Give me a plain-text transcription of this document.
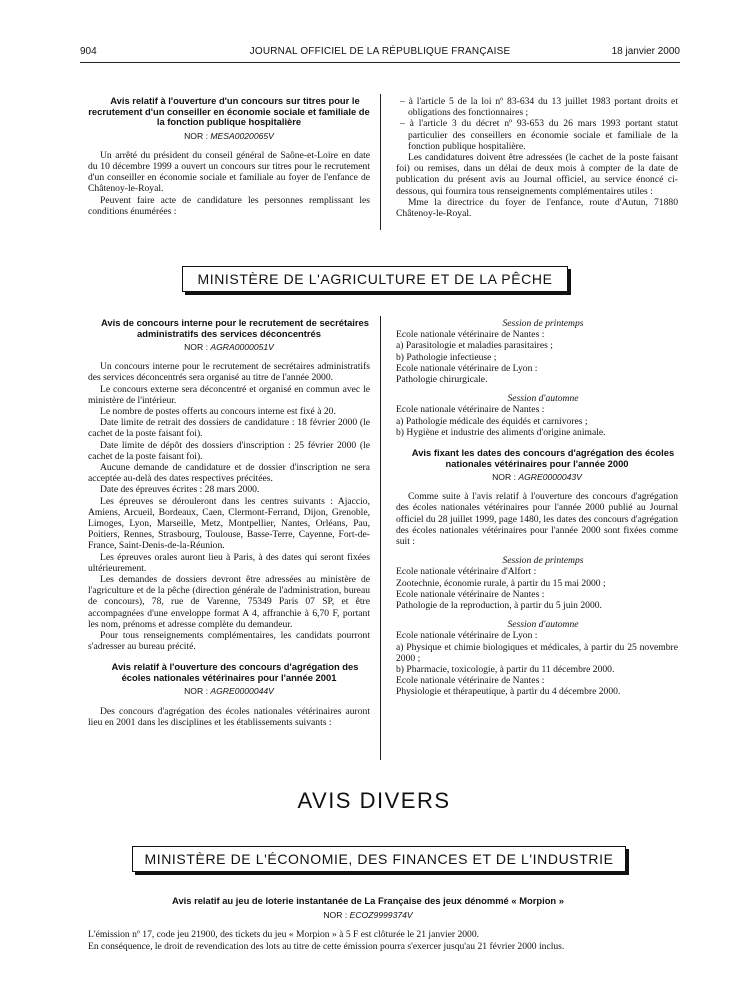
904	JOURNAL OFFICIEL DE LA RÉPUBLIQUE FRANÇAISE	18 janvier 2000

Avis relatif à l'ouverture d'un concours sur titres pour le recrutement d'un conseiller en économie sociale et familiale de la fonction publique hospitalière

NOR : MESA0020065V

Un arrêté du président du conseil général de Saône-et-Loire en date du 10 décembre 1999 a ouvert un concours sur titres pour le recrutement d'un conseiller en économie sociale et familiale au foyer de l'enfance de Châtenoy-le-Royal.

Peuvent faire acte de candidature les personnes remplissant les conditions énumérées :

– à l'article 5 de la loi nº 83-634 du 13 juillet 1983 portant droits et obligations des fonctionnaires ;

– à l'article 3 du décret nº 93-653 du 26 mars 1993 portant statut particulier des conseillers en économie sociale et familiale de la fonction publique hospitalière.

Les candidatures doivent être adressées (le cachet de la poste faisant foi) ou remises, dans un délai de deux mois à compter de la date de publication du présent avis au Journal officiel, au service énoncé ci-dessous, qui fournira tous renseignements complémentaires utiles :

Mme la directrice du foyer de l'enfance, route d'Autun, 71880 Châtenoy-le-Royal.

MINISTÈRE DE L'AGRICULTURE ET DE LA PÊCHE

Avis de concours interne pour le recrutement de secrétaires administratifs des services déconcentrés

NOR : AGRA0000051V

Un concours interne pour le recrutement de secrétaires administratifs des services déconcentrés sera organisé au titre de l'année 2000.

Le concours externe sera déconcentré et organisé en commun avec le ministère de l'intérieur.

Le nombre de postes offerts au concours interne est fixé à 20.

Date limite de retrait des dossiers de candidature : 18 février 2000 (le cachet de la poste faisant foi).

Date limite de dépôt des dossiers d'inscription : 25 février 2000 (le cachet de la poste faisant foi).

Aucune demande de candidature et de dossier d'inscription ne sera acceptée au-delà des dates respectives précitées.

Date des épreuves écrites : 28 mars 2000.

Les épreuves se dérouleront dans les centres suivants : Ajaccio, Amiens, Arcueil, Bordeaux, Caen, Clermont-Ferrand, Dijon, Grenoble, Limoges, Lyon, Marseille, Metz, Montpellier, Nantes, Orléans, Pau, Poitiers, Rennes, Strasbourg, Toulouse, Basse-Terre, Cayenne, Fort-de-France, Saint-Denis-de-la-Réunion.

Les épreuves orales auront lieu à Paris, à des dates qui seront fixées ultérieurement.

Les demandes de dossiers devront être adressées au ministère de l'agriculture et de la pêche (direction générale de l'administration, bureau de concours), 78, rue de Varenne, 75349 Paris 07 SP, et être accompagnées d'une enveloppe format A 4, affranchie à 6,70 F, portant les nom, prénoms et adresse complète du demandeur.

Pour tous renseignements complémentaires, les candidats pourront s'adresser au bureau précité.

Avis relatif à l'ouverture des concours d'agrégation des écoles nationales vétérinaires pour l'année 2001

NOR : AGRE0000044V

Des concours d'agrégation des écoles nationales vétérinaires auront lieu en 2001 dans les disciplines et les établissements suivants :

Session de printemps

Ecole nationale vétérinaire de Nantes :

a) Parasitologie et maladies parasitaires ;

b) Pathologie infectieuse ;

Ecole nationale vétérinaire de Lyon :

Pathologie chirurgicale.

Session d'automne

Ecole nationale vétérinaire de Nantes :

a) Pathologie médicale des équidés et carnivores ;

b) Hygiène et industrie des aliments d'origine animale.

Avis fixant les dates des concours d'agrégation des écoles nationales vétérinaires pour l'année 2000

NOR : AGRE0000043V

Comme suite à l'avis relatif à l'ouverture des concours d'agrégation des écoles nationales vétérinaires pour l'année 2000 publié au Journal officiel du 28 juillet 1999, page 1480, les dates des concours d'agrégation des écoles nationales vétérinaires pour l'année 2000 sont fixées comme suit :

Session de printemps

Ecole nationale vétérinaire d'Alfort :

Zootechnie, économie rurale, à partir du 15 mai 2000 ;

Ecole nationale vétérinaire de Nantes :

Pathologie de la reproduction, à partir du 5 juin 2000.

Session d'automne

Ecole nationale vétérinaire de Lyon :

a) Physique et chimie biologiques et médicales, à partir du 25 novembre 2000 ;

b) Pharmacie, toxicologie, à partir du 11 décembre 2000.

Ecole nationale vétérinaire de Nantes :

Physiologie et thérapeutique, à partir du 4 décembre 2000.

AVIS DIVERS
MINISTÈRE DE L'ÉCONOMIE, DES FINANCES ET DE L'INDUSTRIE

Avis relatif au jeu de loterie instantanée de La Française des jeux dénommé « Morpion »

NOR : ECOZ9999374V

L'émission nº 17, code jeu 21900, des tickets du jeu « Morpion » à 5 F est clôturée le 21 janvier 2000.

En conséquence, le droit de revendication des lots au titre de cette émission pourra s'exercer jusqu'au 21 février 2000 inclus.
